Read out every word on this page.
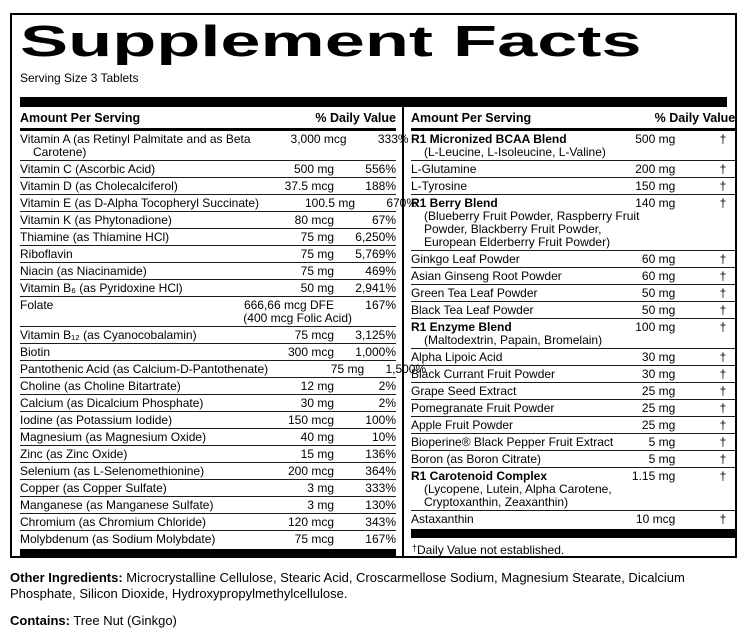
Supplement Facts
Serving Size 3 Tablets
Amount Per Serving	% Daily Value
Vitamin A (as Retinyl Palmitate and as Beta	3,000 mcg	333%
Carotene)
Vitamin C (Ascorbic Acid)	500 mg	556%
Vitamin D (as Cholecalciferol)	37.5 mcg	188%
Vitamin E (as D-Alpha Tocopheryl Succinate)	100.5 mg	670%
Vitamin K (as Phytonadione)	80 mcg	67%
Thiamine (as Thiamine HCl)	75 mg	6,250%
Riboflavin	75 mg	5,769%
Niacin (as Niacinamide)	75 mg	469%
Vitamin B₆ (as Pyridoxine HCl)	50 mg	2,941%
Folate	666,66 mcg DFE	167%
(400 mcg Folic Acid)
Vitamin B₁₂ (as Cyanocobalamin)	75 mcg	3,125%
Biotin	300 mcg	1,000%
Pantothenic Acid (as Calcium-D-Pantothenate)	75 mg	1,500%
Choline (as Choline Bitartrate)	12 mg	2%
Calcium (as Dicalcium Phosphate)	30 mg	2%
Iodine (as Potassium Iodide)	150 mcg	100%
Magnesium (as Magnesium Oxide)	40 mg	10%
Zinc (as Zinc Oxide)	15 mg	136%
Selenium (as L-Selenomethionine)	200 mcg	364%
Copper (as Copper Sulfate)	3 mg	333%
Manganese (as Manganese Sulfate)	3 mg	130%
Chromium (as Chromium Chloride)	120 mcg	343%
Molybdenum (as Sodium Molybdate)	75 mcg	167%
Amount Per Serving	% Daily Value
R1 Micronized BCAA Blend	500 mg	†
(L-Leucine, L-Isoleucine, L-Valine)
L-Glutamine	200 mg	†
L-Tyrosine	150 mg	†
R1 Berry Blend	140 mg	†
(Blueberry Fruit Powder, Raspberry Fruit
Powder, Blackberry Fruit Powder,
European Elderberry Fruit Powder)
Ginkgo Leaf Powder	60 mg	†
Asian Ginseng Root Powder	60 mg	†
Green Tea Leaf Powder	50 mg	†
Black Tea Leaf Powder	50 mg	†
R1 Enzyme Blend	100 mg	†
(Maltodextrin, Papain, Bromelain)
Alpha Lipoic Acid	30 mg	†
Black Currant Fruit Powder	30 mg	†
Grape Seed Extract	25 mg	†
Pomegranate Fruit Powder	25 mg	†
Apple Fruit Powder	25 mg	†
Bioperine® Black Pepper Fruit Extract	5 mg	†
Boron (as Boron Citrate)	5 mg	†
R1 Carotenoid Complex	1.15 mg	†
(Lycopene, Lutein, Alpha Carotene,
Cryptoxanthin, Zeaxanthin)
Astaxanthin	10 mcg	†
†Daily Value not established.

Other Ingredients: Microcrystalline Cellulose, Stearic Acid, Croscarmellose Sodium, Magnesium Stearate, Dicalcium Phosphate, Silicon Dioxide, Hydroxypropylmethylcellulose.

Contains: Tree Nut (Ginkgo)
